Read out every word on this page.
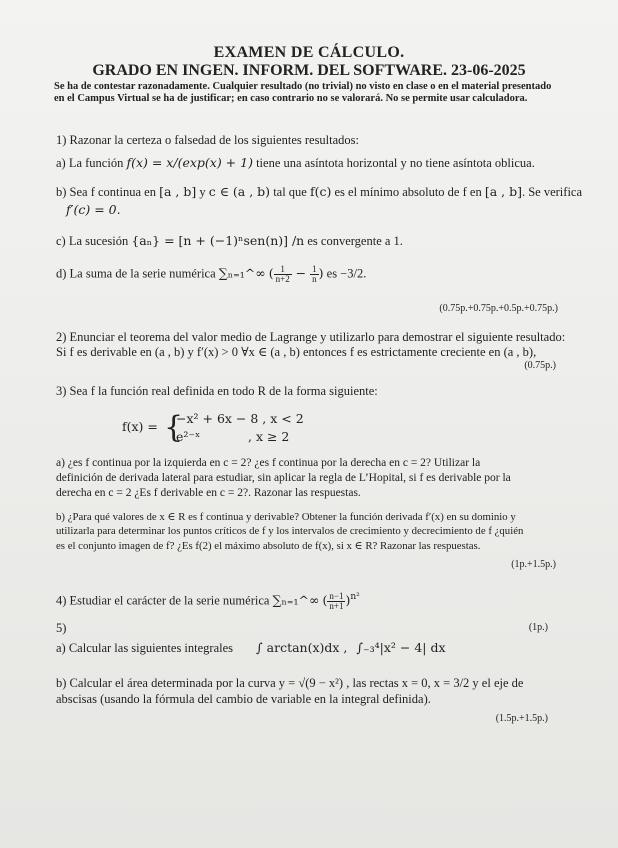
EXAMEN DE CÁLCULO.
GRADO EN INGEN. INFORM. DEL SOFTWARE. 23-06-2025
Se ha de contestar razonadamente. Cualquier resultado (no trivial) no visto en clase o en el material presentado
en el Campus Virtual se ha de justificar; en caso contrario no se valorará. No se permite usar calculadora.
1) Razonar la certeza o falsedad de los siguientes resultados:
a) La función f(x) = x/(exp(x) + 1) tiene una asíntota horizontal y no tiene asíntota oblicua.
b) Sea f continua en [a , b] y c ∈ (a , b) tal que f(c) es el mínimo absoluto de f en [a , b]. Se verifica
f′(c) = 0.
c) La sucesión {aₙ} = [n + (−1)ⁿsen(n)] /n es convergente a 1.
d) La suma de la serie numérica ∑ₙ₌₁^∞ ( $\frac{1}{n+2} - \frac{1}{n}$ ) es −3/2.
(0.75p.+0.75p.+0.5p.+0.75p.)
2) Enunciar el teorema del valor medio de Lagrange y utilizarlo para demostrar el siguiente resultado:
Si f es derivable en (a , b) y f′(x) > 0 ∀x ∈ (a , b) entonces f es estrictamente creciente en (a , b),
(0.75p.)
3) Sea f la función real definida en todo R de la forma siguiente:
f(x) = {
−x² + 6x − 8 , x < 2
e²⁻ˣ	, x ≥ 2
a) ¿es f continua por la izquierda en c = 2? ¿es f continua por la derecha en c = 2? Utilizar la
definición de derivada lateral para estudiar, sin aplicar la regla de L’Hopital, si f es derivable por la
derecha en c = 2 ¿Es f derivable en c = 2?. Razonar las respuestas.
b) ¿Para qué valores de x ∈ R es f continua y derivable? Obtener la función derivada f′(x) en su dominio y
utilizarla para determinar los puntos críticos de f y los intervalos de crecimiento y decrecimiento de f ¿quién
es el conjunto imagen de f? ¿Es f(2) el máximo absoluto de f(x), si x ∈ R? Razonar las respuestas.
(1p.+1.5p.)
4) Estudiar el carácter de la serie numérica ∑ₙ₌₁^∞ ( $\frac{n-1}{n+1} )^{n^2}$
5)	(1p.)
a) Calcular las siguientes integrales ∫ arctan(x)dx , ∫₋₃⁴|x² − 4| dx
b) Calcular el área determinada por la curva y = √(9 − x²) , las rectas x = 0, x = 3/2 y el eje de
abscisas (usando la fórmula del cambio de variable en la integral definida).
(1.5p.+1.5p.)
